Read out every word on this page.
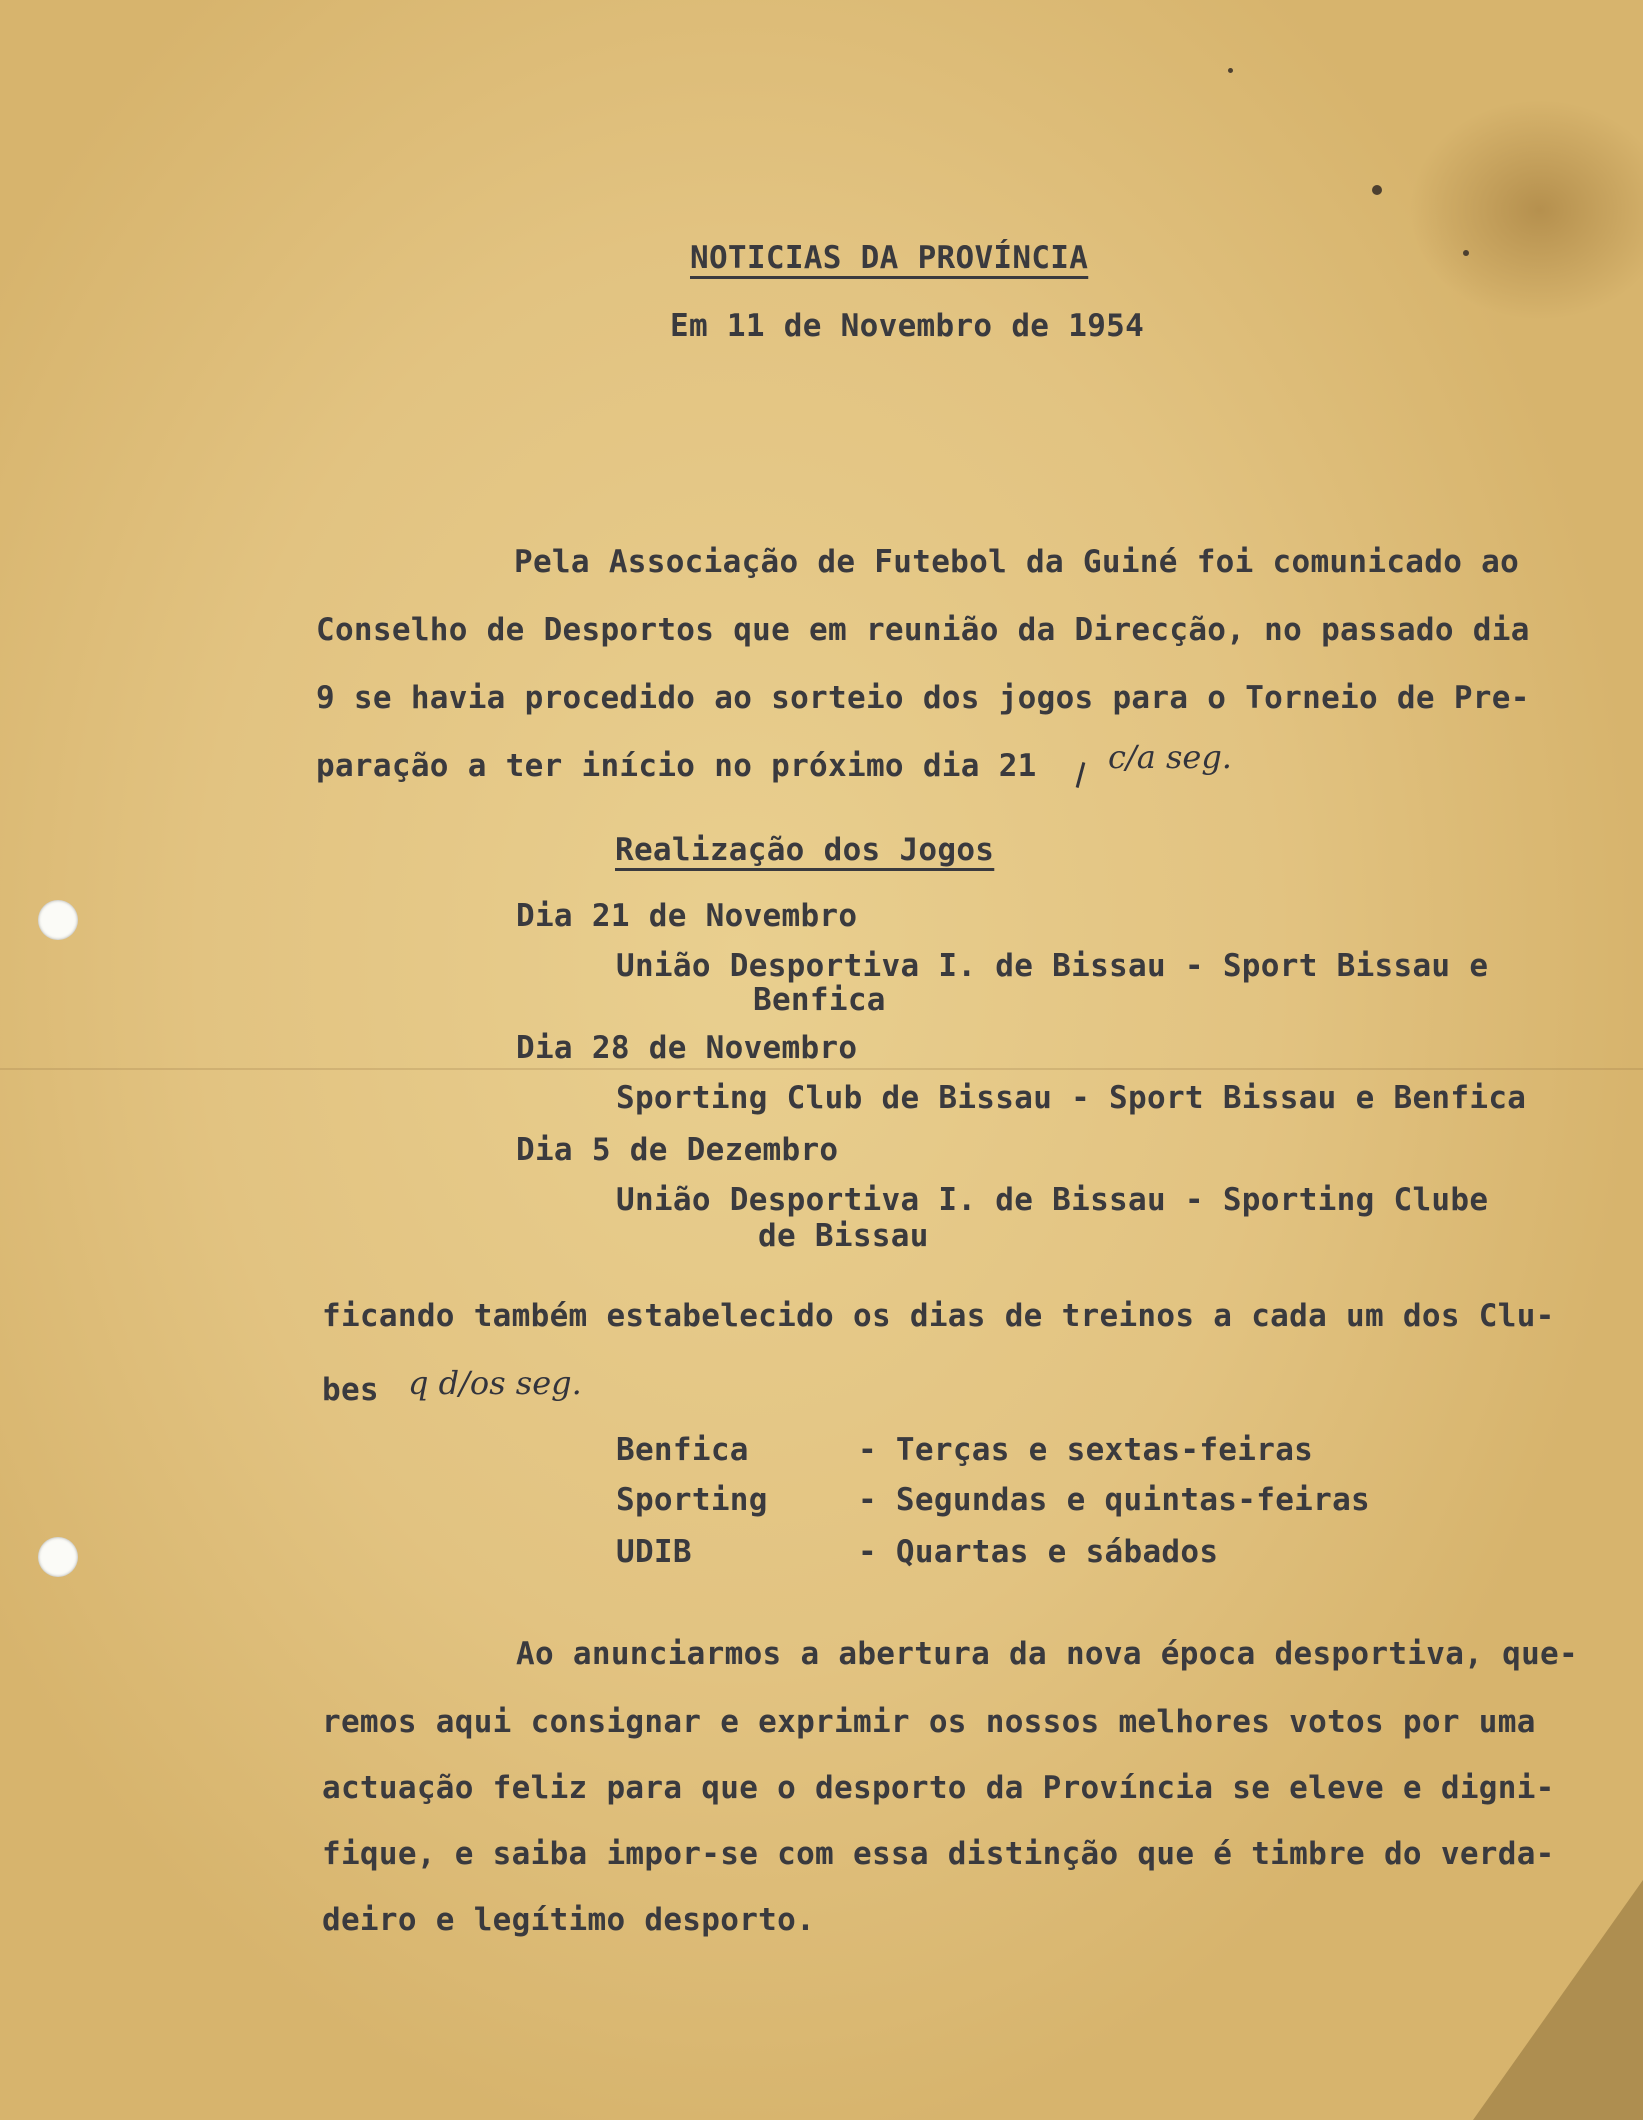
NOTICIAS DA PROVÍNCIA
Em 11 de Novembro de 1954
Pela Associação de Futebol da Guiné foi comunicado ao
Conselho de Desportos que em reunião da Direcção, no passado dia
9 se havia procedido ao sorteio dos jogos para o Torneio de Pre-
paração a ter início no próximo dia 21 c/a seg.
Realização dos Jogos
Dia 21 de Novembro
União Desportiva I. de Bissau - Sport Bissau e
Benfica
Dia 28 de Novembro
Sporting Club de Bissau - Sport Bissau e Benfica
Dia 5 de Dezembro
União Desportiva I. de Bissau - Sporting Clube
de Bissau
ficando também estabelecido os dias de treinos a cada um dos Clu-
bes q d/os seg.
Benfica	- Terças e sextas-feiras
Sporting	- Segundas e quintas-feiras
UDIB	- Quartas e sábados
Ao anunciarmos a abertura da nova época desportiva, que-
remos aqui consignar e exprimir os nossos melhores votos por uma
actuação feliz para que o desporto da Província se eleve e digni-
fique, e saiba impor-se com essa distinção que é timbre do verda-
deiro e legítimo desporto.
